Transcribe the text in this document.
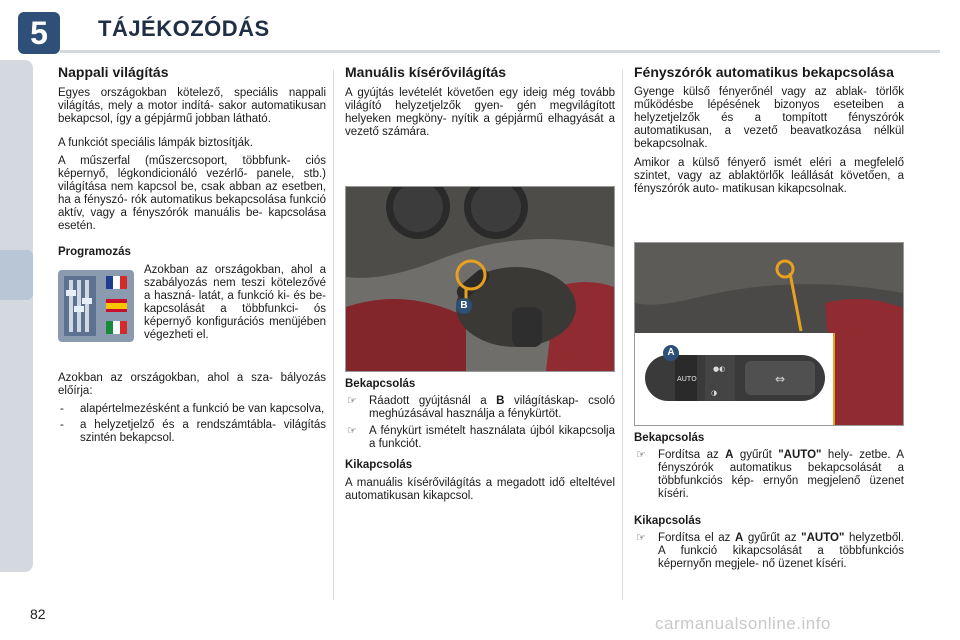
5	TÁJÉKOZÓDÁS
Nappali világítás

Egyes országokban kötelező, speciális nappali világítás, mely a motor indítá- sakor automatikusan bekapcsol, így a gépjármű jobban látható.

A funkciót speciális lámpák biztosítják.

A műszerfal (műszercsoport, többfunk- ciós képernyő, légkondicionáló vezérlő- panele, stb.) világítása nem kapcsol be, csak abban az esetben, ha a fényszó- rók automatikus bekapcsolása funkció aktív, vagy a fényszórók manuális be- kapcsolása esetén.

Programozás

Azokban az országokban, ahol a szabályozás nem teszi kötelezővé a haszná- latát, a funkció ki- és be- kapcsolását a többfunkci- ós képernyő konfigurációs menüjében végezheti el.

Azokban az országokban, ahol a sza- bályozás előírja:

- alapértelmezésként a funkció be van kapcsolva,
- a helyzetjelző és a rendszámtábla- világítás szintén bekapcsol.
Manuális kísérővilágítás

A gyújtás levételét követően egy ideig még tovább világító helyzetjelzők gyen- gén megvilágított helyeken megköny- nyítik a gépjármű elhagyását a vezető számára.

B
Bekapcsolás
☞ Ráadott gyújtásnál a B világításkap- csoló meghúzásával használja a fénykürtöt.
☞ A fénykürt ismételt használata újból kikapcsolja a funkciót.
Kikapcsolás

A manuális kísérővilágítás a megadott idő elteltével automatikusan kikapcsol.

Fényszórók automatikus bekapcsolása

Gyenge külső fényerőnél vagy az ablak- törlők működésbe lépésének bizonyos eseteiben a helyzetjelzők és a tompított fényszórók automatikusan, a vezető beavatkozása nélkül bekapcsolnak.

Amikor a külső fényerő ismét eléri a megfelelő szintet, vagy az ablaktörlők leállását követően, a fényszórók auto- matikusan kikapcsolnak.

⇔
●◐
◑
AUTO
A
Bekapcsolás
☞ Fordítsa az A gyűrűt "AUTO" hely- zetbe. A fényszórók automatikus bekapcsolását a többfunkciós kép- ernyőn megjelenő üzenet kíséri.
Kikapcsolás
☞ Fordítsa el az A gyűrűt az "AUTO" helyzetből. A funkció kikapcsolását a többfunkciós képernyőn megjele- nő üzenet kíséri.
82	carmanualsonline.info
